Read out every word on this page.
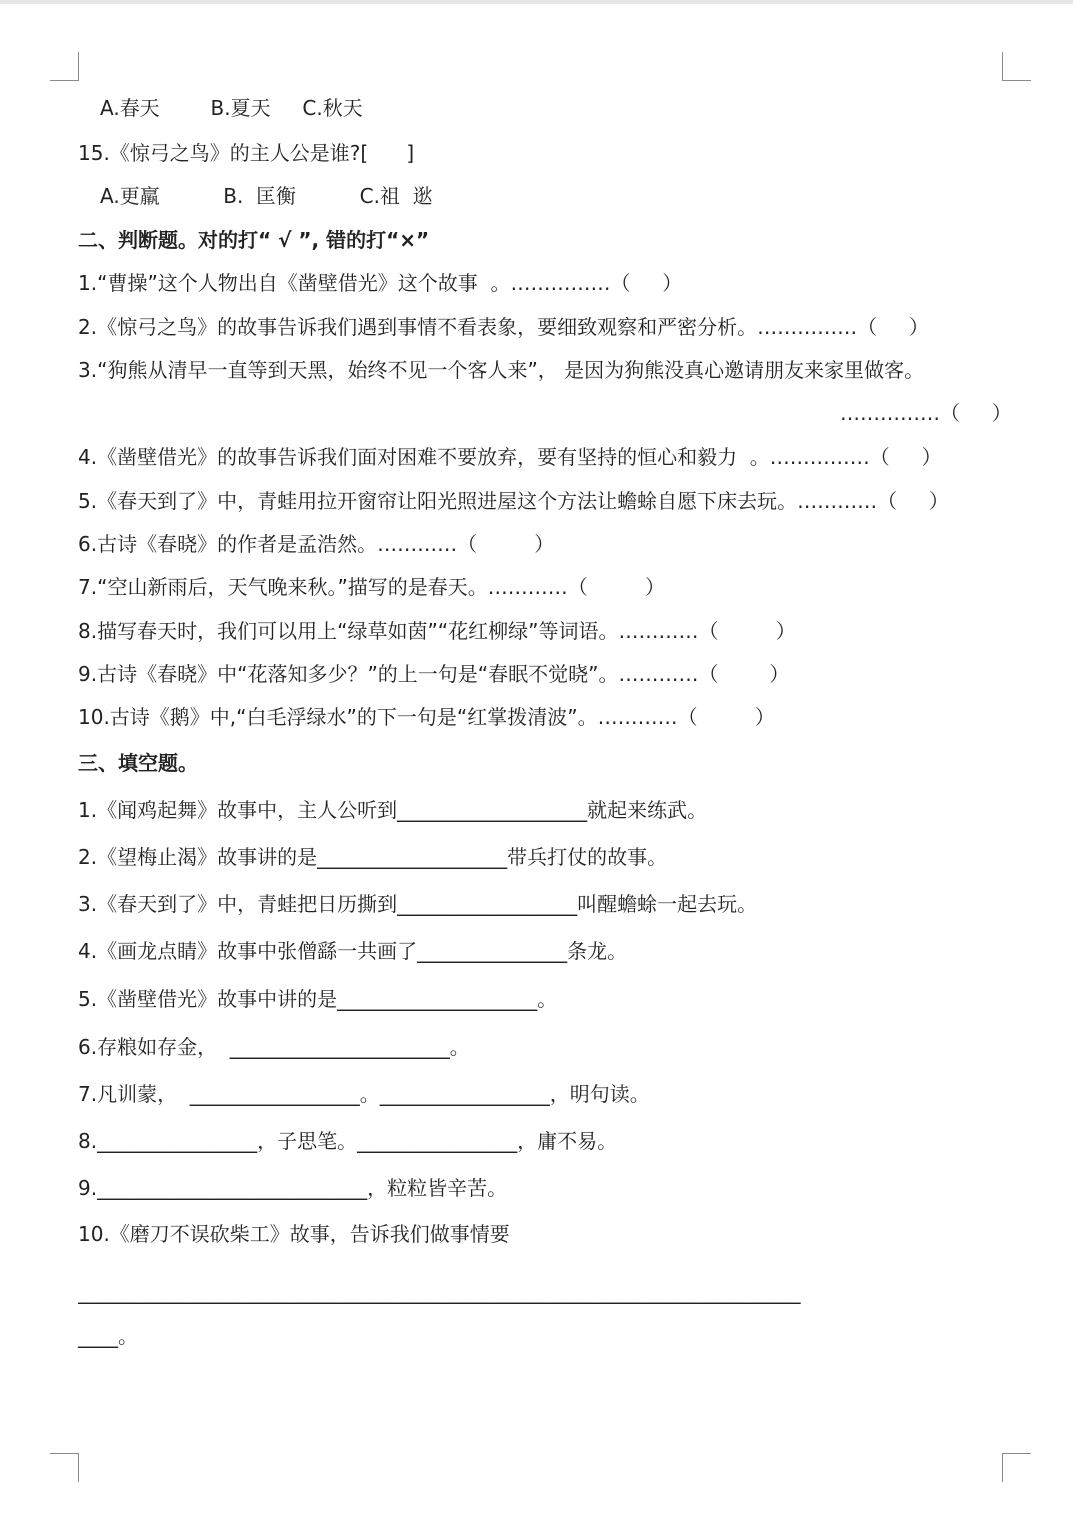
A.春天        B.夏天     C.秋天
15.《惊弓之鸟》的主人公是谁?[      ]
A.更羸          B.  匡衡          C.祖  逖
二、判断题。对的打“ √ ”, 错的打“×”
1.“曹操”这个人物出自《凿壁借光》这个故事  。……………（     ）
2.《惊弓之鸟》的故事告诉我们遇到事情不看表象，要细致观察和严密分析。……………（     ）
3.“狗熊从清早一直等到天黑，始终不见一个客人来”， 是因为狗熊没真心邀请朋友来家里做客。
……………（     ）
4.《凿壁借光》的故事告诉我们面对困难不要放弃，要有坚持的恒心和毅力  。……………（     ）
5.《春天到了》中，青蛙用拉开窗帘让阳光照进屋这个方法让蟾蜍自愿下床去玩。…………（     ）
6.古诗《春晓》的作者是孟浩然。…………（         ）
7.“空山新雨后，天气晚来秋。”描写的是春天。…………（         ）
8.描写春天时，我们可以用上“绿草如茵”“花红柳绿”等词语。…………（         ）
9.古诗《春晓》中“花落知多少？”的上一句是“春眠不觉晓”。…………（        ）
10.古诗《鹅》中,“白毛浮绿水”的下一句是“红掌拨清波”。…………（         ）
三、填空题。
1.《闻鸡起舞》故事中，主人公听到___________________就起来练武。
2.《望梅止渴》故事讲的是___________________带兵打仗的故事。
3.《春天到了》中，青蛙把日历撕到__________________叫醒蟾蜍一起去玩。
4.《画龙点睛》故事中张僧繇一共画了_______________条龙。
5.《凿壁借光》故事中讲的是____________________。
6.存粮如存金，  ______________________。
7.凡训蒙，  _________________。_________________，明句读。
8.________________，子思笔。________________，庸不易。
9.___________________________，粒粒皆辛苦。
10.《磨刀不误砍柴工》故事，告诉我们做事情要
____________________________________________________________________________
____。
